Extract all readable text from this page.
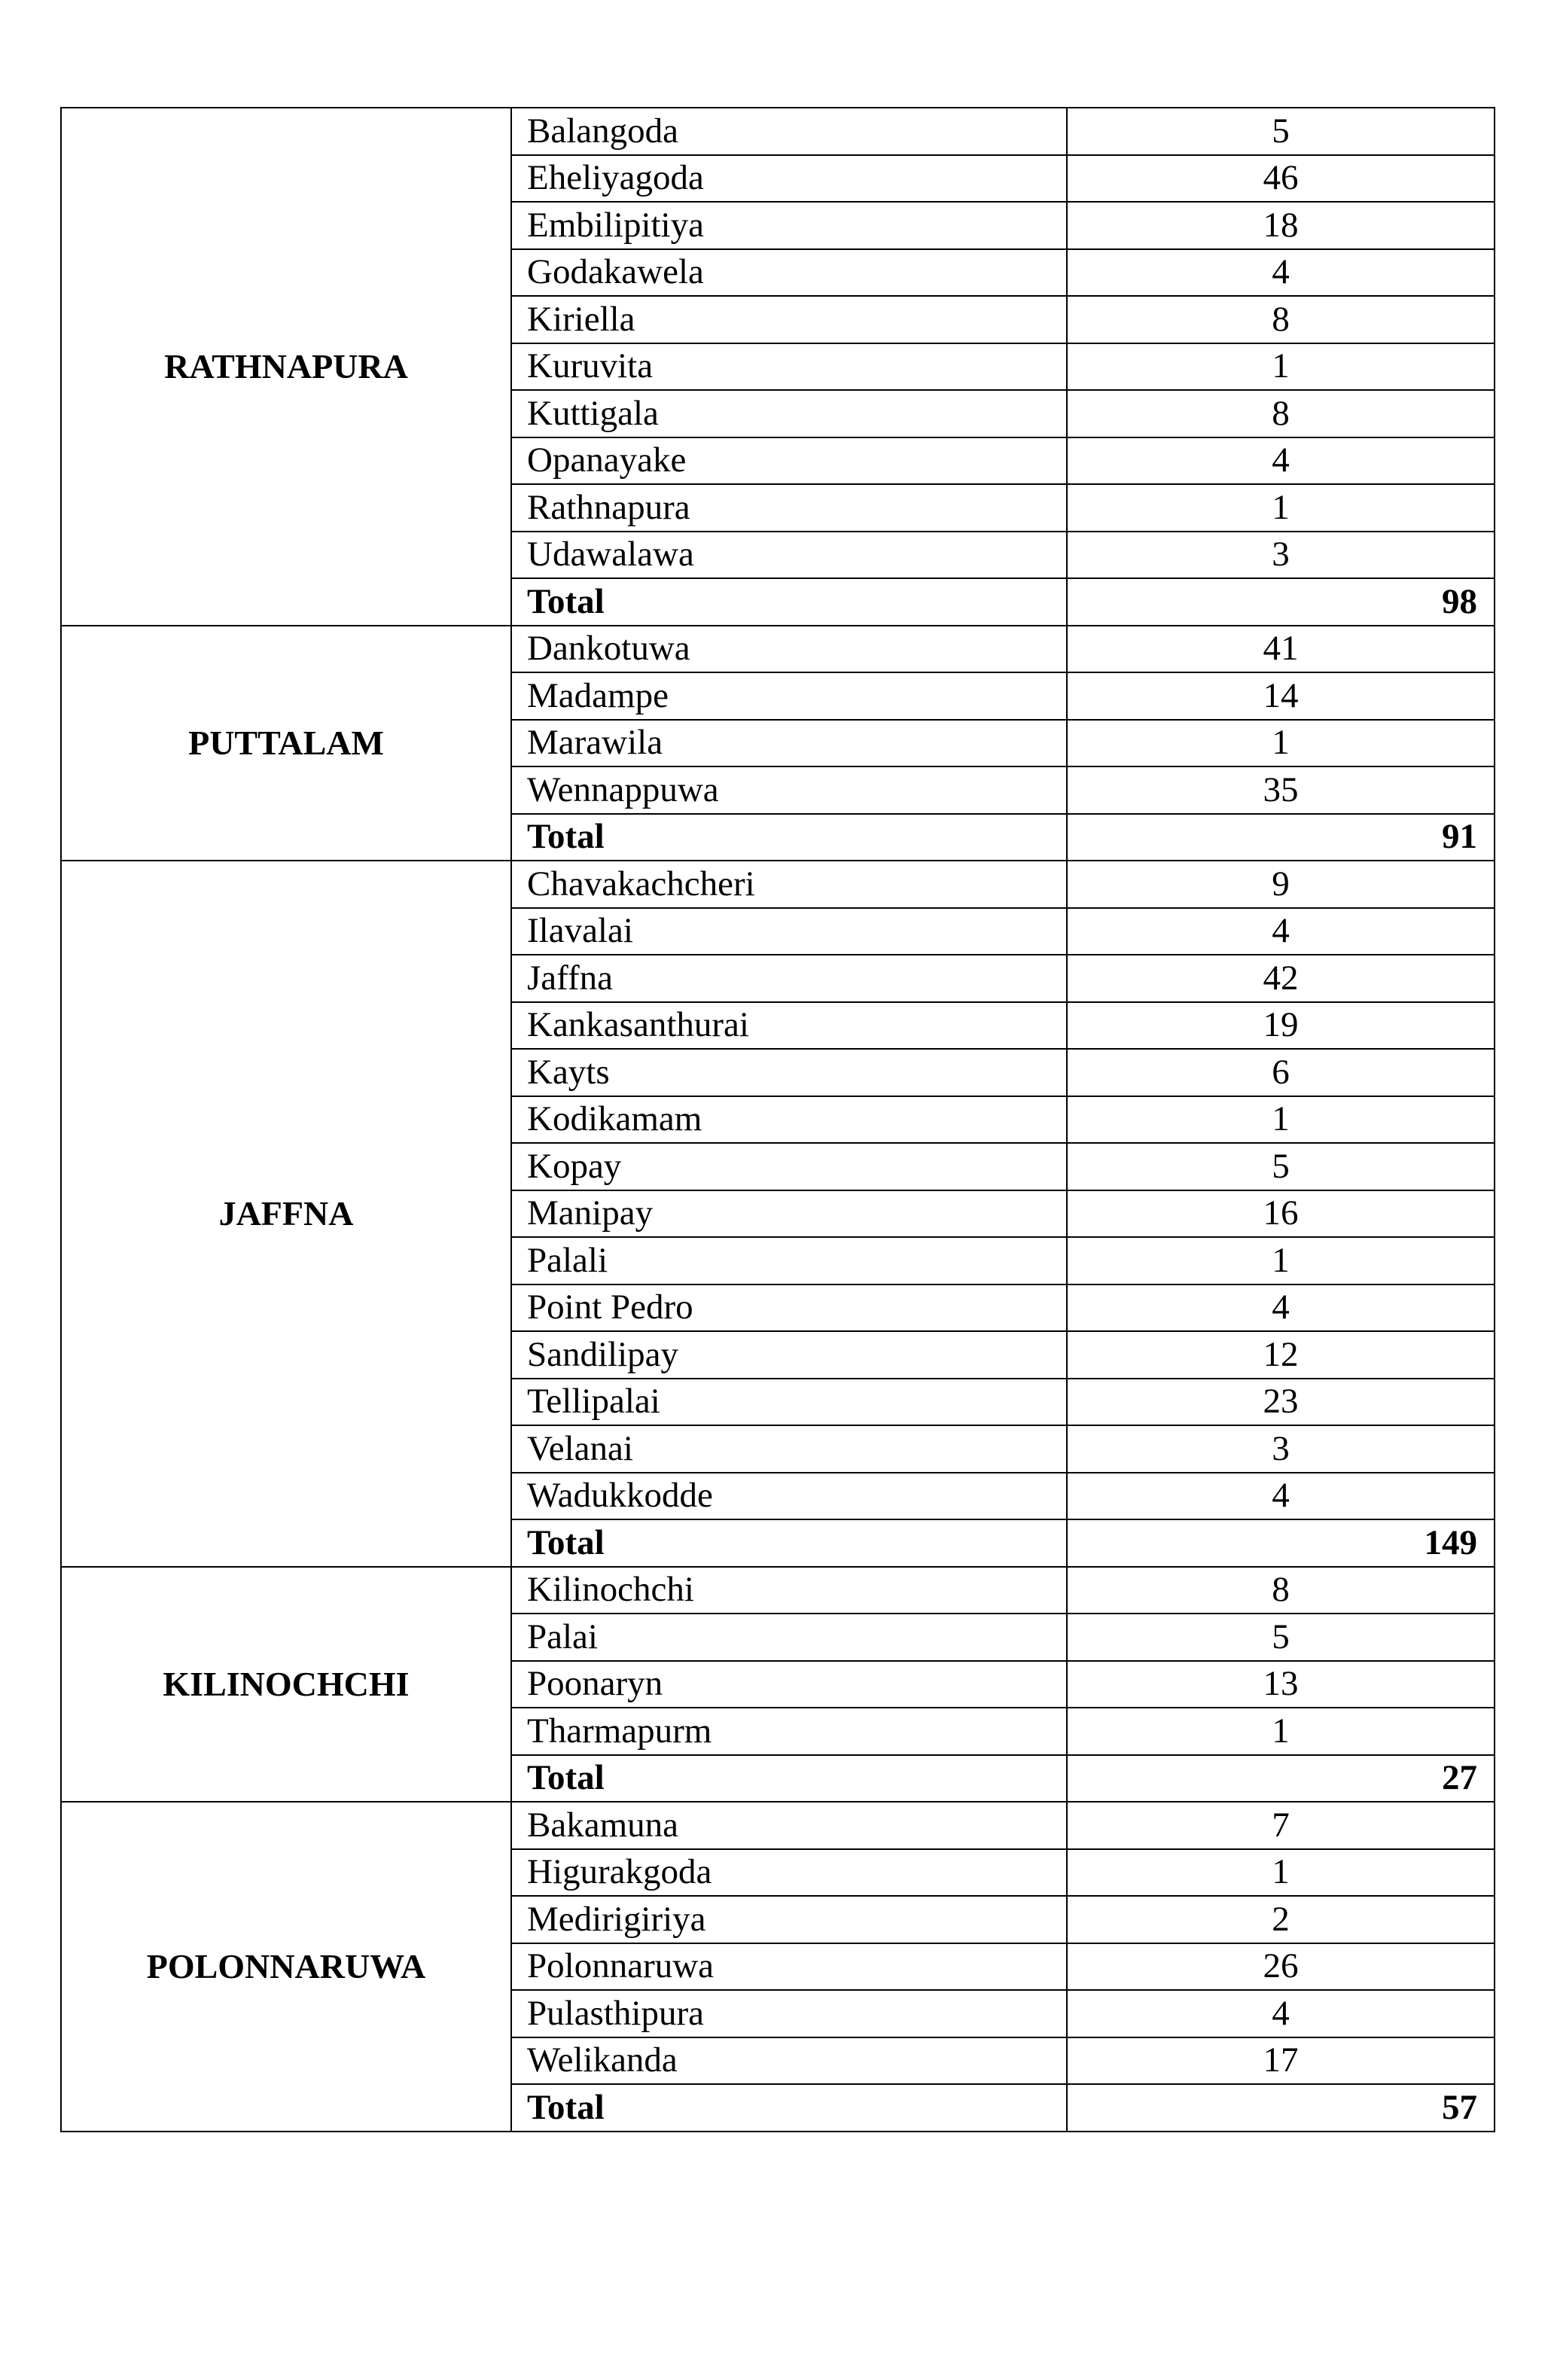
RATHNAPURA	Balangoda	5
	Eheliyagoda	46
	Embilipitiya	18
	Godakawela	4
	Kiriella	8
	Kuruvita	1
	Kuttigala	8
	Opanayake	4
	Rathnapura	1
	Udawalawa	3
	Total	98
PUTTALAM	Dankotuwa	41
	Madampe	14
	Marawila	1
	Wennappuwa	35
	Total	91
JAFFNA	Chavakachcheri	9
	Ilavalai	4
	Jaffna	42
	Kankasanthurai	19
	Kayts	6
	Kodikamam	1
	Kopay	5
	Manipay	16
	Palali	1
	Point Pedro	4
	Sandilipay	12
	Tellipalai	23
	Velanai	3
	Wadukkodde	4
	Total	149
KILINOCHCHI	Kilinochchi	8
	Palai	5
	Poonaryn	13
	Tharmapurm	1
	Total	27
POLONNARUWA	Bakamuna	7
	Higurakgoda	1
	Medirigiriya	2
	Polonnaruwa	26
	Pulasthipura	4
	Welikanda	17
	Total	57
